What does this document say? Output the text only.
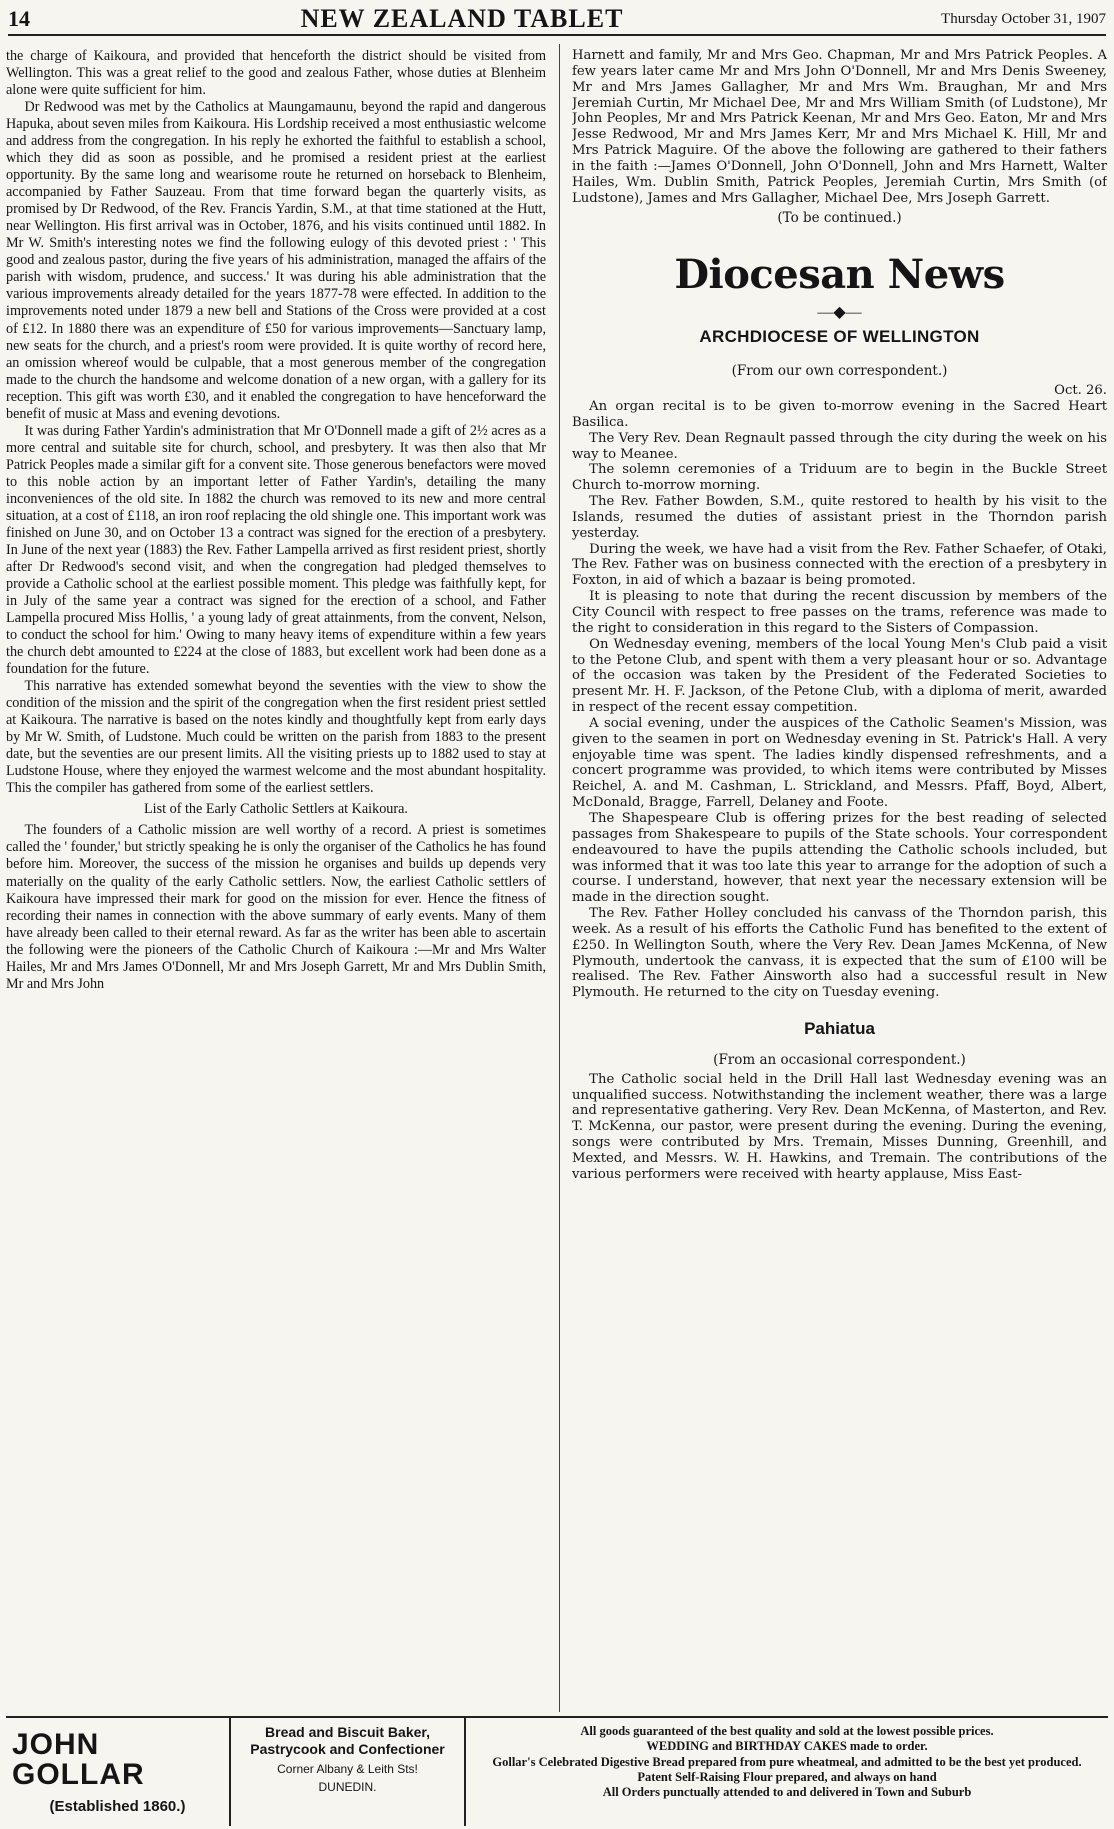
14	NEW ZEALAND TABLET	Thursday October 31, 1907

the charge of Kaikoura, and provided that henceforth the district should be visited from Wellington. This was a great relief to the good and zealous Father, whose duties at Blenheim alone were quite sufficient for him.

Dr Redwood was met by the Catholics at Maungamaunu, beyond the rapid and dangerous Hapuka, about seven miles from Kaikoura. His Lordship received a most enthusiastic welcome and address from the congregation. In his reply he exhorted the faithful to establish a school, which they did as soon as possible, and he promised a resident priest at the earliest opportunity. By the same long and wearisome route he returned on horseback to Blenheim, accompanied by Father Sauzeau. From that time forward began the quarterly visits, as promised by Dr Redwood, of the Rev. Francis Yardin, S.M., at that time stationed at the Hutt, near Wellington. His first arrival was in October, 1876, and his visits continued until 1882. In Mr W. Smith's interesting notes we find the following eulogy of this devoted priest : ' This good and zealous pastor, during the five years of his administration, managed the affairs of the parish with wisdom, prudence, and success.' It was during his able administration that the various improvements already detailed for the years 1877-78 were effected. In addition to the improvements noted under 1879 a new bell and Stations of the Cross were provided at a cost of £12. In 1880 there was an expenditure of £50 for various improvements—Sanctuary lamp, new seats for the church, and a priest's room were provided. It is quite worthy of record here, an omission whereof would be culpable, that a most generous member of the congregation made to the church the handsome and welcome donation of a new organ, with a gallery for its reception. This gift was worth £30, and it enabled the congregation to have henceforward the benefit of music at Mass and evening devotions.

It was during Father Yardin's administration that Mr O'Donnell made a gift of 2½ acres as a more central and suitable site for church, school, and presbytery. It was then also that Mr Patrick Peoples made a similar gift for a convent site. Those generous benefactors were moved to this noble action by an important letter of Father Yardin's, detailing the many inconveniences of the old site. In 1882 the church was removed to its new and more central situation, at a cost of £118, an iron roof replacing the old shingle one. This important work was finished on June 30, and on October 13 a contract was signed for the erection of a presbytery. In June of the next year (1883) the Rev. Father Lampella arrived as first resident priest, shortly after Dr Redwood's second visit, and when the congregation had pledged themselves to provide a Catholic school at the earliest possible moment. This pledge was faithfully kept, for in July of the same year a contract was signed for the erection of a school, and Father Lampella procured Miss Hollis, ' a young lady of great attainments, from the convent, Nelson, to conduct the school for him.' Owing to many heavy items of expenditure within a few years the church debt amounted to £224 at the close of 1883, but excellent work had been done as a foundation for the future.

This narrative has extended somewhat beyond the seventies with the view to show the condition of the mission and the spirit of the congregation when the first resident priest settled at Kaikoura. The narrative is based on the notes kindly and thoughtfully kept from early days by Mr W. Smith, of Ludstone. Much could be written on the parish from 1883 to the present date, but the seventies are our present limits. All the visiting priests up to 1882 used to stay at Ludstone House, where they enjoyed the warmest welcome and the most abundant hospitality. This the compiler has gathered from some of the earliest settlers.

List of the Early Catholic Settlers at Kaikoura.

The founders of a Catholic mission are well worthy of a record. A priest is sometimes called the ' founder,' but strictly speaking he is only the organiser of the Catholics he has found before him. Moreover, the success of the mission he organises and builds up depends very materially on the quality of the early Catholic settlers. Now, the earliest Catholic settlers of Kaikoura have impressed their mark for good on the mission for ever. Hence the fitness of recording their names in connection with the above summary of early events. Many of them have already been called to their eternal reward. As far as the writer has been able to ascertain the following were the pioneers of the Catholic Church of Kaikoura :—Mr and Mrs Walter Hailes, Mr and Mrs James O'Donnell, Mr and Mrs Joseph Garrett, Mr and Mrs Dublin Smith, Mr and Mrs John

Harnett and family, Mr and Mrs Geo. Chapman, Mr and Mrs Patrick Peoples. A few years later came Mr and Mrs John O'Donnell, Mr and Mrs Denis Sweeney, Mr and Mrs James Gallagher, Mr and Mrs Wm. Braughan, Mr and Mrs Jeremiah Curtin, Mr Michael Dee, Mr and Mrs William Smith (of Ludstone), Mr John Peoples, Mr and Mrs Patrick Keenan, Mr and Mrs Geo. Eaton, Mr and Mrs Jesse Redwood, Mr and Mrs James Kerr, Mr and Mrs Michael K. Hill, Mr and Mrs Patrick Maguire. Of the above the following are gathered to their fathers in the faith :—James O'Donnell, John O'Donnell, John and Mrs Harnett, Walter Hailes, Wm. Dublin Smith, Patrick Peoples, Jeremiah Curtin, Mrs Smith (of Ludstone), James and Mrs Gallagher, Michael Dee, Mrs Joseph Garrett.

(To be continued.)

Diocesan News
—◆—
ARCHDIOCESE OF WELLINGTON

(From our own correspondent.)

Oct. 26.

An organ recital is to be given to-morrow evening in the Sacred Heart Basilica.

The Very Rev. Dean Regnault passed through the city during the week on his way to Meanee.

The solemn ceremonies of a Triduum are to begin in the Buckle Street Church to-morrow morning.

The Rev. Father Bowden, S.M., quite restored to health by his visit to the Islands, resumed the duties of assistant priest in the Thorndon parish yesterday.

During the week, we have had a visit from the Rev. Father Schaefer, of Otaki, The Rev. Father was on business connected with the erection of a presbytery in Foxton, in aid of which a bazaar is being promoted.

It is pleasing to note that during the recent discussion by members of the City Council with respect to free passes on the trams, reference was made to the right to consideration in this regard to the Sisters of Compassion.

On Wednesday evening, members of the local Young Men's Club paid a visit to the Petone Club, and spent with them a very pleasant hour or so. Advantage of the occasion was taken by the President of the Federated Societies to present Mr. H. F. Jackson, of the Petone Club, with a diploma of merit, awarded in respect of the recent essay competition.

A social evening, under the auspices of the Catholic Seamen's Mission, was given to the seamen in port on Wednesday evening in St. Patrick's Hall. A very enjoyable time was spent. The ladies kindly dispensed refreshments, and a concert programme was provided, to which items were contributed by Misses Reichel, A. and M. Cashman, L. Strickland, and Messrs. Pfaff, Boyd, Albert, McDonald, Bragge, Farrell, Delaney and Foote.

The Shapespeare Club is offering prizes for the best reading of selected passages from Shakespeare to pupils of the State schools. Your correspondent endeavoured to have the pupils attending the Catholic schools included, but was informed that it was too late this year to arrange for the adoption of such a course. I understand, however, that next year the necessary extension will be made in the direction sought.

The Rev. Father Holley concluded his canvass of the Thorndon parish, this week. As a result of his efforts the Catholic Fund has benefited to the extent of £250. In Wellington South, where the Very Rev. Dean James McKenna, of New Plymouth, undertook the canvass, it is expected that the sum of £100 will be realised. The Rev. Father Ainsworth also had a successful result in New Plymouth. He returned to the city on Tuesday evening.

Pahiatua

(From an occasional correspondent.)

The Catholic social held in the Drill Hall last Wednesday evening was an unqualified success. Notwithstanding the inclement weather, there was a large and representative gathering. Very Rev. Dean McKenna, of Masterton, and Rev. T. McKenna, our pastor, were present during the evening. During the evening, songs were contributed by Mrs. Tremain, Misses Dunning, Greenhill, and Mexted, and Messrs. W. H. Hawkins, and Tremain. The contributions of the various performers were received with hearty applause, Miss East-

JOHN GOLLAR
(Established 1860.)
Bread and Biscuit Baker,
Pastrycook and Confectioner
Corner Albany & Leith Sts!
DUNEDIN.
All goods guaranteed of the best quality and sold at the lowest possible prices.
WEDDING and BIRTHDAY CAKES made to order.
Gollar's Celebrated Digestive Bread prepared from pure wheatmeal, and admitted to be the best yet produced. Patent Self-Raising Flour prepared, and always on hand
All Orders punctually attended to and delivered in Town and Suburb
